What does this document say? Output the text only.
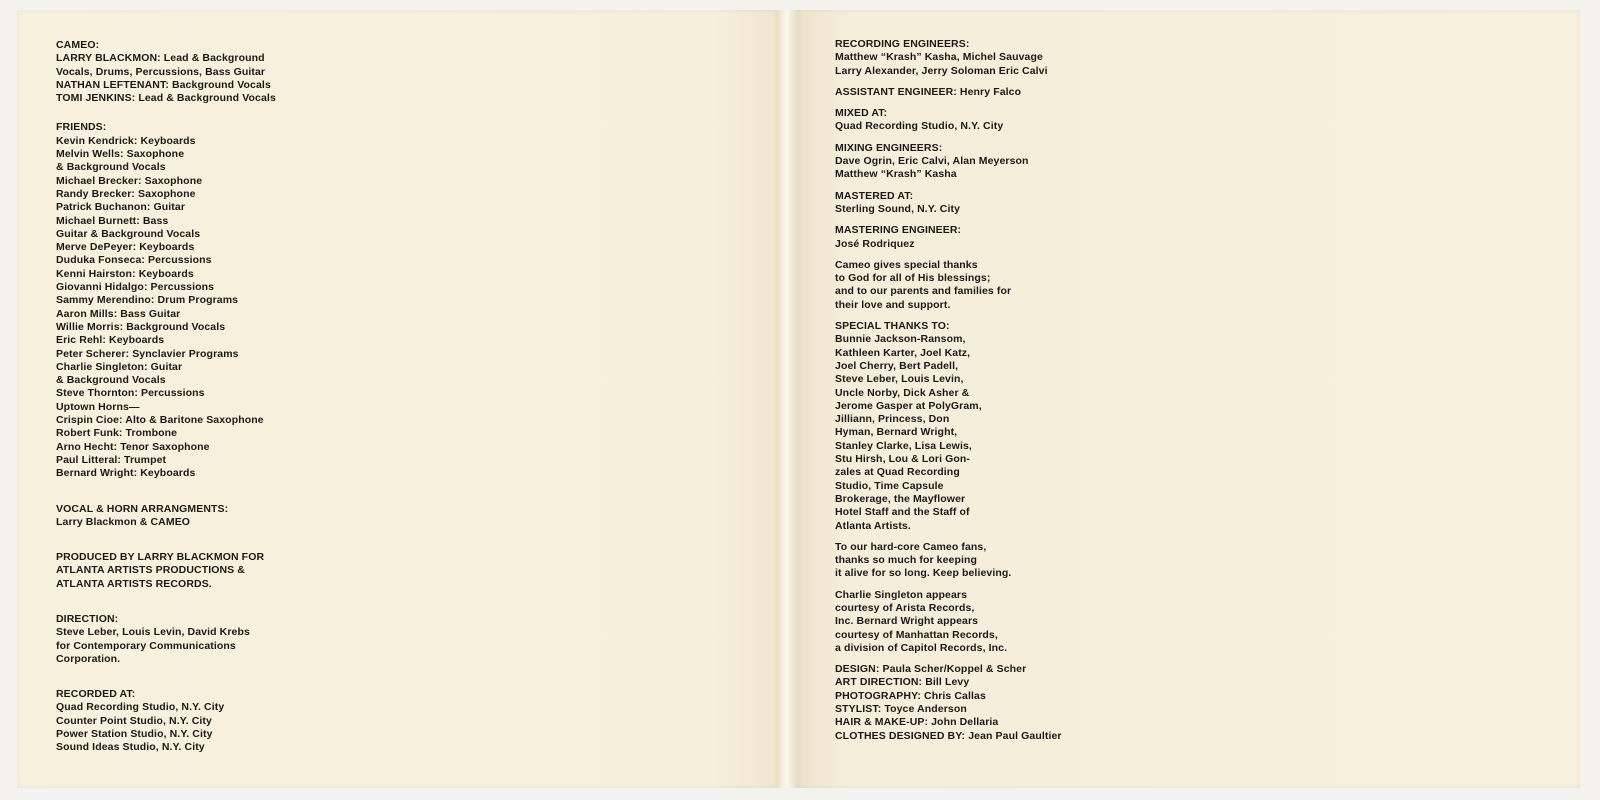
CAMEO:

LARRY BLACKMON: Lead & Background
Vocals, Drums, Percussions, Bass Guitar

NATHAN LEFTENANT: Background Vocals

TOMI JENKINS: Lead & Background Vocals

FRIENDS:

Kevin Kendrick: Keyboards

Melvin Wells: Saxophone

& Background Vocals

Michael Brecker: Saxophone

Randy Brecker: Saxophone

Patrick Buchanon: Guitar

Michael Burnett: Bass

Guitar & Background Vocals

Merve DePeyer: Keyboards

Duduka Fonseca: Percussions

Kenni Hairston: Keyboards

Giovanni Hidalgo: Percussions

Sammy Merendino: Drum Programs

Aaron Mills: Bass Guitar

Willie Morris: Background Vocals

Eric Rehl: Keyboards

Peter Scherer: Synclavier Programs

Charlie Singleton: Guitar

& Background Vocals

Steve Thornton: Percussions

Uptown Horns—

Crispin Cioe: Alto & Baritone Saxophone

Robert Funk: Trombone

Arno Hecht: Tenor Saxophone

Paul Litteral: Trumpet

Bernard Wright: Keyboards

VOCAL & HORN ARRANGMENTS:

Larry Blackmon & CAMEO

PRODUCED BY LARRY BLACKMON FOR
ATLANTA ARTISTS PRODUCTIONS &
ATLANTA ARTISTS RECORDS.

DIRECTION:

Steve Leber, Louis Levin, David Krebs
for Contemporary Communications
Corporation.

RECORDED AT:

Quad Recording Studio, N.Y. City
Counter Point Studio, N.Y. City
Power Station Studio, N.Y. City
Sound Ideas Studio, N.Y. City

RECORDING ENGINEERS:

Matthew “Krash” Kasha, Michel Sauvage
Larry Alexander, Jerry Soloman Eric Calvi

ASSISTANT ENGINEER: Henry Falco

MIXED AT:

Quad Recording Studio, N.Y. City

MIXING ENGINEERS:

Dave Ogrin, Eric Calvi, Alan Meyerson
Matthew “Krash” Kasha

MASTERED AT:

Sterling Sound, N.Y. City

MASTERING ENGINEER:

José Rodriquez

Cameo gives special thanks
to God for all of His blessings;
and to our parents and families for
their love and support.

SPECIAL THANKS TO:

Bunnie Jackson-Ransom,
Kathleen Karter, Joel Katz,
Joel Cherry, Bert Padell,
Steve Leber, Louis Levin,
Uncle Norby, Dick Asher &
Jerome Gasper at PolyGram,
Jilliann, Princess, Don
Hyman, Bernard Wright,
Stanley Clarke, Lisa Lewis,
Stu Hirsh, Lou & Lori Gon-
zales at Quad Recording
Studio, Time Capsule
Brokerage, the Mayflower
Hotel Staff and the Staff of
Atlanta Artists.

To our hard-core Cameo fans,
thanks so much for keeping
it alive for so long. Keep believing.

Charlie Singleton appears
courtesy of Arista Records,
Inc. Bernard Wright appears
courtesy of Manhattan Records,
a division of Capitol Records, Inc.

DESIGN: Paula Scher/Koppel & Scher

ART DIRECTION: Bill Levy

PHOTOGRAPHY: Chris Callas

STYLIST: Toyce Anderson

HAIR & MAKE-UP: John Dellaria

CLOTHES DESIGNED BY: Jean Paul Gaultier
